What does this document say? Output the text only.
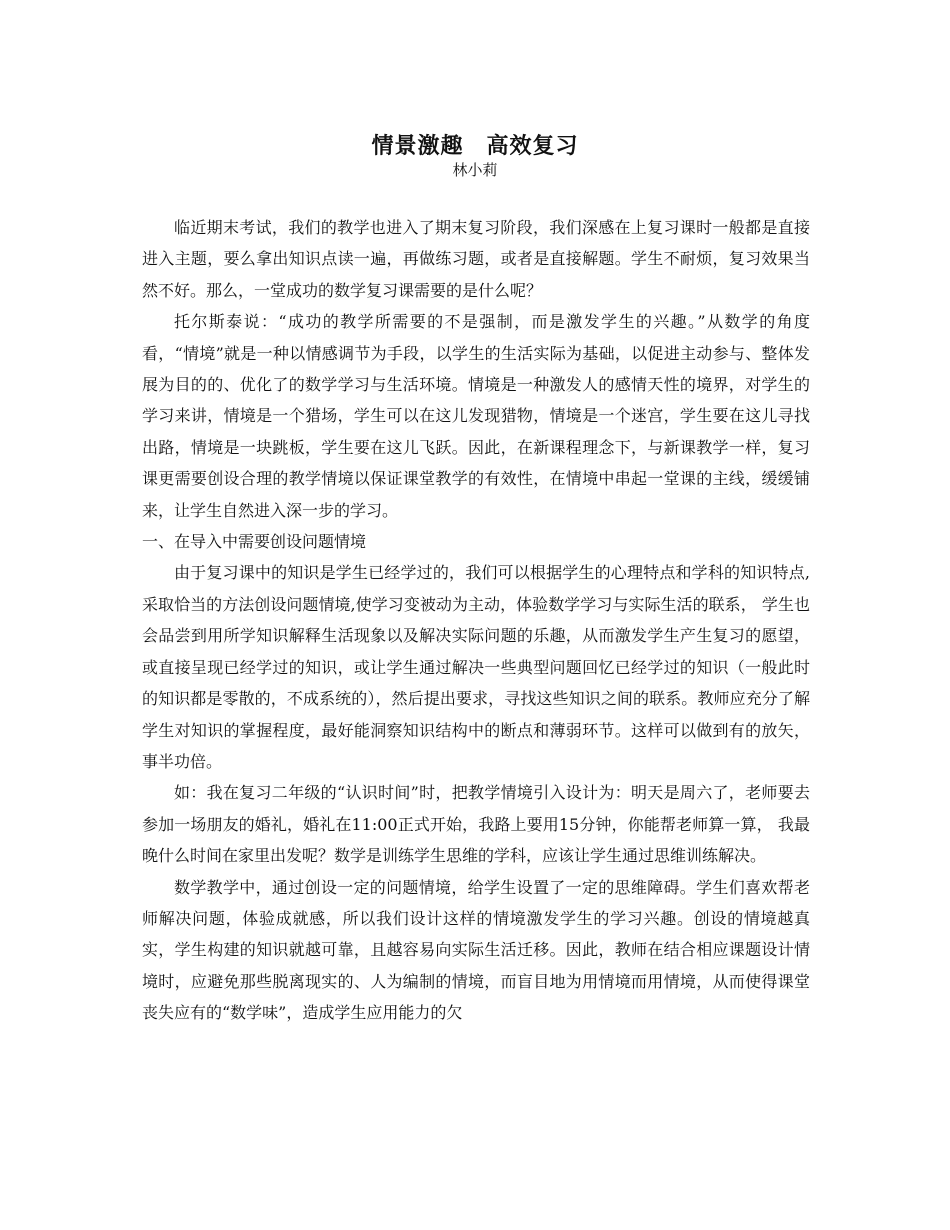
情景激趣　高效复习
林小莉

临近期末考试，我们的教学也进入了期末复习阶段，我们深感在上复习课时一般都是直接进入主题，要么拿出知识点读一遍，再做练习题，或者是直接解题。学生不耐烦，复习效果当然不好。那么，一堂成功的数学复习课需要的是什么呢？

托尔斯泰说：“成功的教学所需要的不是强制，而是激发学生的兴趣。”从数学的角度看，“情境”就是一种以情感调节为手段，以学生的生活实际为基础，以促进主动参与、整体发展为目的的、优化了的数学学习与生活环境。情境是一种激发人的感情天性的境界，对学生的学习来讲，情境是一个猎场，学生可以在这儿发现猎物，情境是一个迷宫，学生要在这儿寻找出路，情境是一块跳板，学生要在这儿飞跃。因此，在新课程理念下，与新课教学一样，复习课更需要创设合理的教学情境以保证课堂教学的有效性，在情境中串起一堂课的主线，缓缓铺来，让学生自然进入深一步的学习。

一、在导入中需要创设问题情境

由于复习课中的知识是学生已经学过的，我们可以根据学生的心理特点和学科的知识特点,采取恰当的方法创设问题情境,使学习变被动为主动，体验数学学习与实际生活的联系， 学生也会品尝到用所学知识解释生活现象以及解决实际问题的乐趣，从而激发学生产生复习的愿望，或直接呈现已经学过的知识，或让学生通过解决一些典型问题回忆已经学过的知识（一般此时的知识都是零散的，不成系统的），然后提出要求，寻找这些知识之间的联系。教师应充分了解学生对知识的掌握程度，最好能洞察知识结构中的断点和薄弱环节。这样可以做到有的放矢，事半功倍。

如：我在复习二年级的“认识时间”时，把教学情境引入设计为：明天是周六了，老师要去参加一场朋友的婚礼，婚礼在11:00正式开始，我路上要用15分钟，你能帮老师算一算， 我最晚什么时间在家里出发呢？数学是训练学生思维的学科，应该让学生通过思维训练解决。

数学教学中，通过创设一定的问题情境，给学生设置了一定的思维障碍。学生们喜欢帮老师解决问题，体验成就感，所以我们设计这样的情境激发学生的学习兴趣。创设的情境越真实，学生构建的知识就越可靠，且越容易向实际生活迁移。因此，教师在结合相应课题设计情境时，应避免那些脱离现实的、人为编制的情境，而盲目地为用情境而用情境，从而使得课堂丧失应有的“数学味”，造成学生应用能力的欠
